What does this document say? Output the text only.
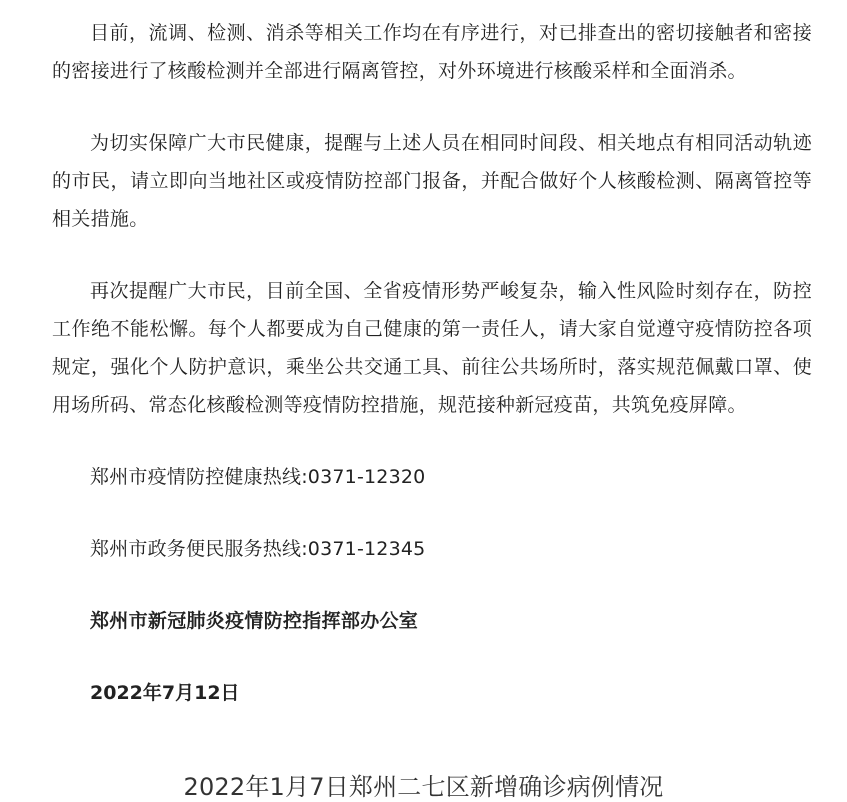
目前，流调、检测、消杀等相关工作均在有序进行，对已排查出的密切接触者和密接的密接进行了核酸检测并全部进行隔离管控，对外环境进行核酸采样和全面消杀。

为切实保障广大市民健康，提醒与上述人员在相同时间段、相关地点有相同活动轨迹的市民，请立即向当地社区或疫情防控部门报备，并配合做好个人核酸检测、隔离管控等相关措施。

再次提醒广大市民，目前全国、全省疫情形势严峻复杂，输入性风险时刻存在，防控工作绝不能松懈。每个人都要成为自己健康的第一责任人，请大家自觉遵守疫情防控各项规定，强化个人防护意识，乘坐公共交通工具、前往公共场所时，落实规范佩戴口罩、使用场所码、常态化核酸检测等疫情防控措施，规范接种新冠疫苗，共筑免疫屏障。

郑州市疫情防控健康热线:0371-12320

郑州市政务便民服务热线:0371-12345

郑州市新冠肺炎疫情防控指挥部办公室

2022年7月12日

2022年1月7日郑州二七区新增确诊病例情况
